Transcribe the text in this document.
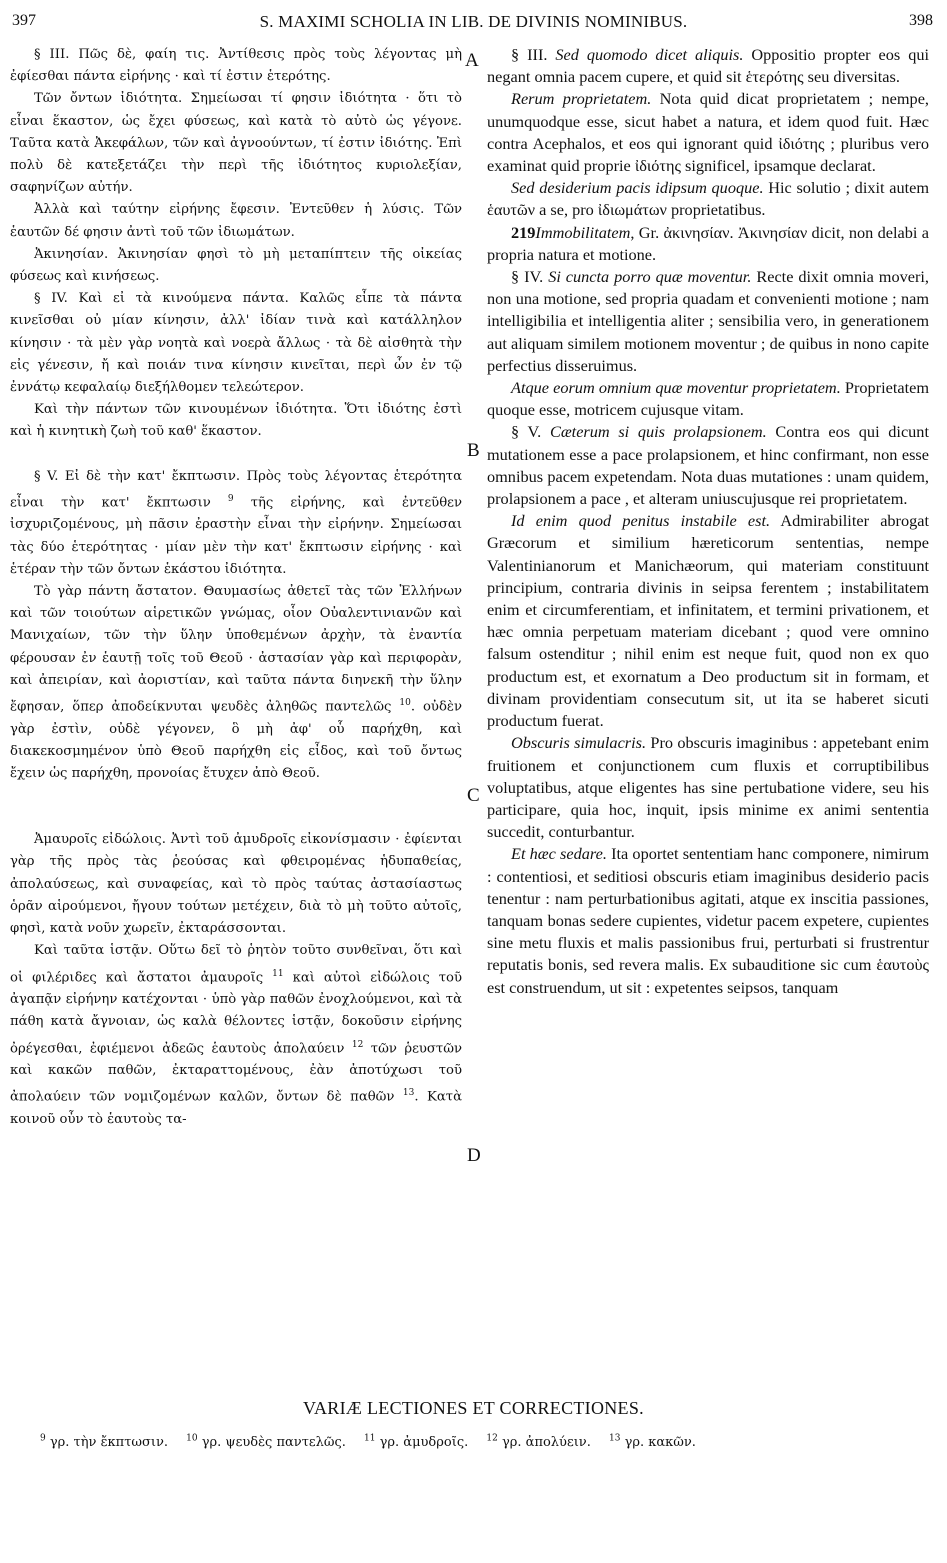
397	S. MAXIMI SCHOLIA IN LIB. DE DIVINIS NOMINIBUS.	398

§ III. Πῶς δὲ, φαίη τις. Ἀντίθεσις πρὸς τοὺς λέγοντας μὴ ἐφίεσθαι πάντα εἰρήνης · καὶ τί ἐστιν ἑτερότης.

Τῶν ὄντων ἰδιότητα. Σημείωσαι τί φησιν ἰδιότητα · ὅτι τὸ εἶναι ἕκαστον, ὡς ἔχει φύσεως, καὶ κατὰ τὸ αὐτὸ ὡς γέγονε. Ταῦτα κατὰ Ἀκεφάλων, τῶν καὶ ἀγνοούντων, τί ἐστιν ἰδιότης. Ἐπὶ πολὺ δὲ κατεξετάζει τὴν περὶ τῆς ἰδιότητος κυριολεξίαν, σαφηνίζων αὐτήν.

Ἀλλὰ καὶ ταύτην εἰρήνης ἔφεσιν. Ἐντεῦθεν ἡ λύσις. Τῶν ἑαυτῶν δέ φησιν ἀντὶ τοῦ τῶν ἰδιωμάτων.

Ἀκινησίαν. Ἀκινησίαν φησὶ τὸ μὴ μεταπίπτειν τῆς οἰκείας φύσεως καὶ κινήσεως.

§ IV. Καὶ εἰ τὰ κινούμενα πάντα. Καλῶς εἶπε τὰ πάντα κινεῖσθαι οὐ μίαν κίνησιν, ἀλλ' ἰδίαν τινὰ καὶ κατάλληλον κίνησιν · τὰ μὲν γὰρ νοητὰ καὶ νοερὰ ἄλλως · τὰ δὲ αἰσθητὰ τὴν εἰς γένεσιν, ἤ καὶ ποιάν τινα κίνησιν κινεῖται, περὶ ὧν ἐν τῷ ἐννάτῳ κεφαλαίῳ διεξήλθομεν τελεώτερον.

Καὶ τὴν πάντων τῶν κινουμένων ἰδιότητα. Ὅτι ἰδιότης ἐστὶ καὶ ἡ κινητικὴ ζωὴ τοῦ καθ' ἕκαστον.

§ V. Εἰ δὲ τὴν κατ' ἔκπτωσιν. Πρὸς τοὺς λέγοντας ἑτερότητα εἶναι τὴν κατ' ἔκπτωσιν $^9$ τῆς εἰρήνης, καὶ ἐντεῦθεν ἰσχυριζομένους, μὴ πᾶσιν ἐραστὴν εἶναι τὴν εἰρήνην. Σημείωσαι τὰς δύο ἑτερότητας · μίαν μὲν τὴν κατ' ἔκπτωσιν εἰρήνης · καὶ ἑτέραν τὴν τῶν ὄντων ἑκάστου ἰδιότητα.

Τὸ γὰρ πάντη ἄστατον. Θαυμασίως ἀθετεῖ τὰς τῶν Ἑλλήνων καὶ τῶν τοιούτων αἱρετικῶν γνώμας, οἷον Οὐαλεντινιανῶν καὶ Μανιχαίων, τῶν τὴν ὕλην ὑποθεμένων ἀρχὴν, τὰ ἐναντία φέρουσαν ἐν ἑαυτῇ τοῖς τοῦ Θεοῦ · ἀστασίαν γὰρ καὶ περιφορὰν, καὶ ἀπειρίαν, καὶ ἀοριστίαν, καὶ ταῦτα πάντα διηνεκῆ τὴν ὕλην ἔφησαν, ὅπερ ἀποδείκνυται ψευδὲς ἀληθῶς παντελῶς $^{10}$. οὐδὲν γὰρ ἐστὶν, οὐδὲ γέγονεν, ὃ μὴ ἀφ' οὗ παρήχθη, καὶ διακεκοσμημένον ὑπὸ Θεοῦ παρήχθη εἰς εἶδος, καὶ τοῦ ὄντως ἔχειν ὡς παρήχθη, προνοίας ἔτυχεν ἀπὸ Θεοῦ.

Ἀμαυροῖς εἰδώλοις. Ἀντὶ τοῦ ἀμυδροῖς εἰκονίσμασιν · ἐφίενται γὰρ τῆς πρὸς τὰς ῥεούσας καὶ φθειρομένας ἡδυπαθείας, ἀπολαύσεως, καὶ συναφείας, καὶ τὸ πρὸς ταύτας ἀστασίαστως ὁρᾶν αἱρούμενοι, ἤγουν τούτων μετέχειν, διὰ τὸ μὴ τοῦτο αὐτοῖς, φησὶ, κατὰ νοῦν χωρεῖν, ἐκταράσσονται.

Καὶ ταῦτα ἱστᾷν. Οὕτω δεῖ τὸ ῥητὸν τοῦτο συνθεῖναι, ὅτι καὶ οἱ φιλέριδες καὶ ἄστατοι ἀμαυροῖς $^{11}$ καὶ αὐτοὶ εἰδώλοις τοῦ ἀγαπᾷν εἰρήνην κατέχονται · ὑπὸ γὰρ παθῶν ἐνοχλούμενοι, καὶ τὰ πάθη κατὰ ἄγνοιαν, ὡς καλὰ θέλοντες ἱστᾷν, δοκοῦσιν εἰρήνης ὀρέγεσθαι, ἐφιέμενοι ἀδεῶς ἑαυτοὺς ἀπολαύειν $^{12}$ τῶν ῥευστῶν καὶ κακῶν παθῶν, ἐκταραττομένους, ἐὰν ἀποτύχωσι τοῦ ἀπολαύειν τῶν νομιζομένων καλῶν, ὄντων δὲ παθῶν $^{13}$. Κατὰ κοινοῦ οὖν τὸ ἑαυτοὺς τα-

A
B
C
D

§ III. Sed quomodo dicet aliquis. Oppositio propter eos qui negant omnia pacem cupere, et quid sit ἑτερότης seu diversitas.

Rerum proprietatem. Nota quid dicat proprietatem ; nempe, unumquodque esse, sicut habet a natura, et idem quod fuit. Hæc contra Acephalos, et eos qui ignorant quid ἰδιότης ; pluribus vero examinat quid proprie ἰδιότης significel, ipsamque declarat.

Sed desiderium pacis idipsum quoque. Hic solutio ; dixit autem ἑαυτῶν a se, pro ἰδιωμάτων proprietatibus.

219Immobilitatem, Gr. ἀκινησίαν. Ἀκινησίαν dicit, non delabi a propria natura et motione.

§ IV. Si cuncta porro quæ moventur. Recte dixit omnia moveri, non una motione, sed propria quadam et convenienti motione ; nam intelligibilia et intelligentia aliter ; sensibilia vero, in generationem aut aliquam similem motionem moventur ; de quibus in nono capite perfectius disseruimus.

Atque eorum omnium quæ moventur proprietatem. Proprietatem quoque esse, motricem cujusque vitam.

§ V. Cæterum si quis prolapsionem. Contra eos qui dicunt mutationem esse a pace prolapsionem, et hinc confirmant, non esse omnibus pacem expetendam. Nota duas mutationes : unam quidem, prolapsionem a pace , et alteram uniuscujusque rei proprietatem.

Id enim quod penitus instabile est. Admirabiliter abrogat Græcorum et similium hæreticorum sententias, nempe Valentinianorum et Manichæorum, qui materiam constituunt principium, contraria divinis in seipsa ferentem ; instabilitatem enim et circumferentiam, et infinitatem, et termini privationem, et hæc omnia perpetuam materiam dicebant ; quod vere omnino falsum ostenditur ; nihil enim est neque fuit, quod non ex quo productum est, et exornatum a Deo productum sit in formam, et divinam providentiam consecutum sit, ut ita se haberet sicuti productum fuerat.

Obscuris simulacris. Pro obscuris imaginibus : appetebant enim fruitionem et conjunctionem cum fluxis et corruptibilibus voluptatibus, atque eligentes has sine pertubatione videre, seu his participare, quia hoc, inquit, ipsis minime ex animi sententia succedit, conturbantur.

Et hæc sedare. Ita oportet sententiam hanc componere, nimirum : contentiosi, et seditiosi obscuris etiam imaginibus desiderio pacis tenentur : nam perturbationibus agitati, atque ex inscitia passiones, tanquam bonas sedere cupientes, videtur pacem expetere, cupientes sine metu fluxis et malis passionibus frui, perturbati si frustrentur reputatis bonis, sed revera malis. Ex subauditione sic cum ἑαυτοὺς est construendum, ut sit : expetentes seipsos, tanquam

VARIÆ LECTIONES ET CORRECTIONES.
$^9$ γρ. τὴν ἔκπτωσιν. $^{10}$ γρ. ψευδὲς παντελῶς. $^{11}$ γρ. ἀμυδροῖς. $^{12}$ γρ. ἀπολύειν. $^{13}$ γρ. κακῶν.
